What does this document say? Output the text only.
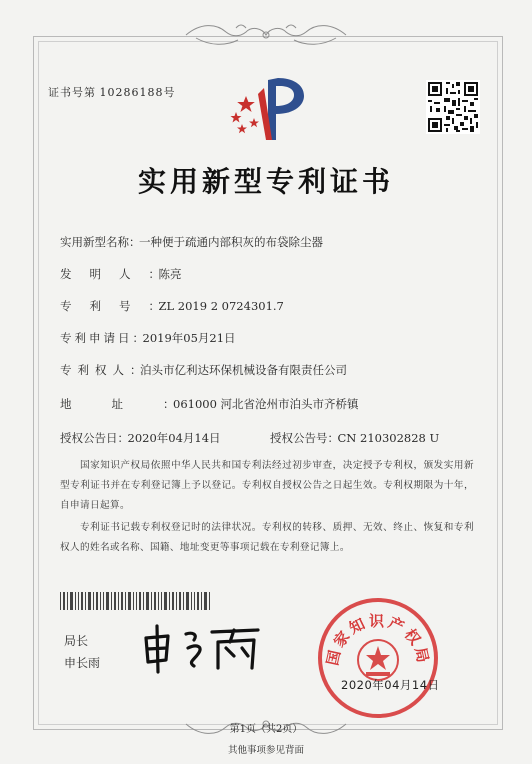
证书号第 10286188号
实用新型专利证书
实用新型名称：一种便于疏通内部积灰的布袋除尘器
发明人：陈亮
专利号：ZL 2019 2 0724301.7
专利申请日：2019年05月21日
专利权人：泊头市亿利达环保机械设备有限责任公司
地址：061000 河北省沧州市泊头市齐桥镇
授权公告日：2020年04月14日	授权公告号：CN 210302828 U
国家知识产权局依照中华人民共和国专利法经过初步审查，决定授予专利权，颁发实用新型专利证书并在专利登记簿上予以登记。专利权自授权公告之日起生效。专利权期限为十年，自申请日起算。
专利证书记载专利权登记时的法律状况。专利权的转移、质押、无效、终止、恢复和专利权人的姓名或名称、国籍、地址变更等事项记载在专利登记簿上。
局长
申长雨	国家知识产权局
2020年04月14日
第1页（共2页）
其他事项参见背面
